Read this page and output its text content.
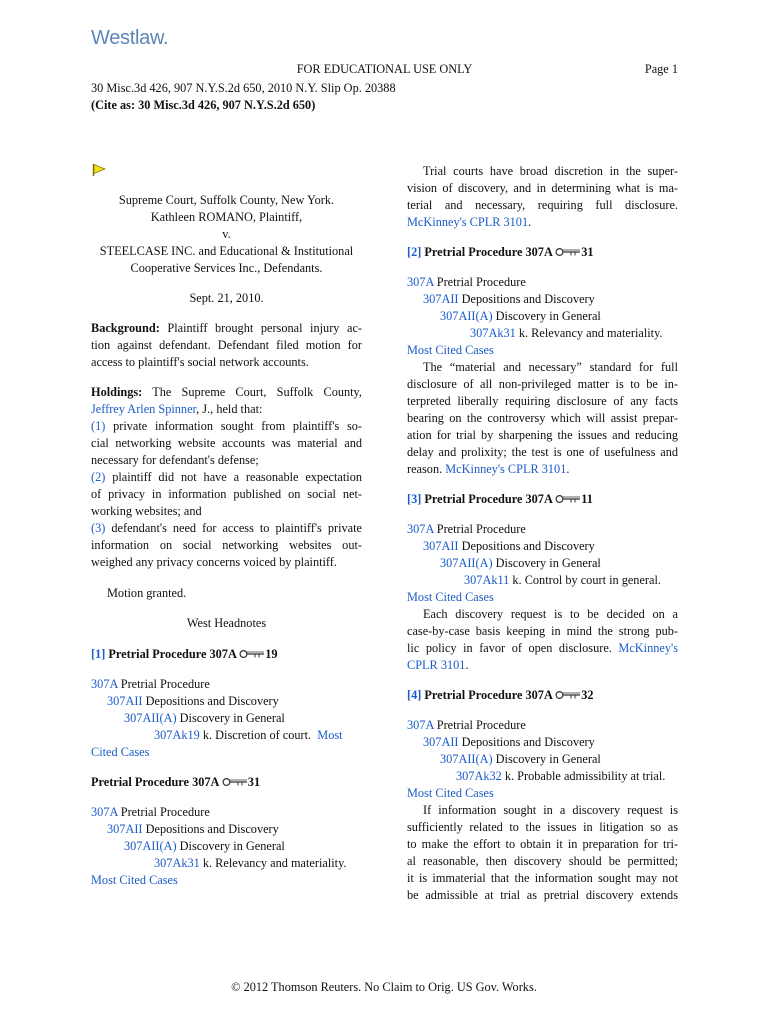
Westlaw.
FOR EDUCATIONAL USE ONLY	Page 1
30 Misc.3d 426, 907 N.Y.S.2d 650, 2010 N.Y. Slip Op. 20388
(Cite as: 30 Misc.3d 426, 907 N.Y.S.2d 650)
Supreme Court, Suffolk County, New York.
Kathleen ROMANO, Plaintiff,
v.
STEELCASE INC. and Educational & Institutional
Cooperative Services Inc., Defendants.
Sept. 21, 2010.
Background: Plaintiff brought personal injury ac-
tion against defendant. Defendant filed motion for
access to plaintiff's social network accounts.
Holdings: The Supreme Court, Suffolk County,
Jeffrey Arlen Spinner, J., held that:
(1) private information sought from plaintiff's so-
cial networking website accounts was material and
necessary for defendant's defense;
(2) plaintiff did not have a reasonable expectation
of privacy in information published on social net-
working websites; and
(3) defendant's need for access to plaintiff's private
information on social networking websites out-
weighed any privacy concerns voiced by plaintiff.
Motion granted.
West Headnotes
[1] Pretrial Procedure 307A 19
307A Pretrial Procedure
307AII Depositions and Discovery
307AII(A) Discovery in General
307Ak19 k. Discretion of court. Most
Cited Cases
Pretrial Procedure 307A 31
307A Pretrial Procedure
307AII Depositions and Discovery
307AII(A) Discovery in General
307Ak31 k. Relevancy and materiality.
Most Cited Cases
Trial courts have broad discretion in the super-
vision of discovery, and in determining what is ma-
terial and necessary, requiring full disclosure.
McKinney's CPLR 3101.
[2] Pretrial Procedure 307A 31
307A Pretrial Procedure
307AII Depositions and Discovery
307AII(A) Discovery in General
307Ak31 k. Relevancy and materiality.
Most Cited Cases
The “material and necessary” standard for full
disclosure of all non-privileged matter is to be in-
terpreted liberally requiring disclosure of any facts
bearing on the controversy which will assist prepar-
ation for trial by sharpening the issues and reducing
delay and prolixity; the test is one of usefulness and
reason. McKinney's CPLR 3101.
[3] Pretrial Procedure 307A 11
307A Pretrial Procedure
307AII Depositions and Discovery
307AII(A) Discovery in General
307Ak11 k. Control by court in general.
Most Cited Cases
Each discovery request is to be decided on a
case-by-case basis keeping in mind the strong pub-
lic policy in favor of open disclosure. McKinney's
CPLR 3101.
[4] Pretrial Procedure 307A 32
307A Pretrial Procedure
307AII Depositions and Discovery
307AII(A) Discovery in General
307Ak32 k. Probable admissibility at trial.
Most Cited Cases
If information sought in a discovery request is
sufficiently related to the issues in litigation so as
to make the effort to obtain it in preparation for tri-
al reasonable, then discovery should be permitted;
it is immaterial that the information sought may not
be admissible at trial as pretrial discovery extends
© 2012 Thomson Reuters. No Claim to Orig. US Gov. Works.
